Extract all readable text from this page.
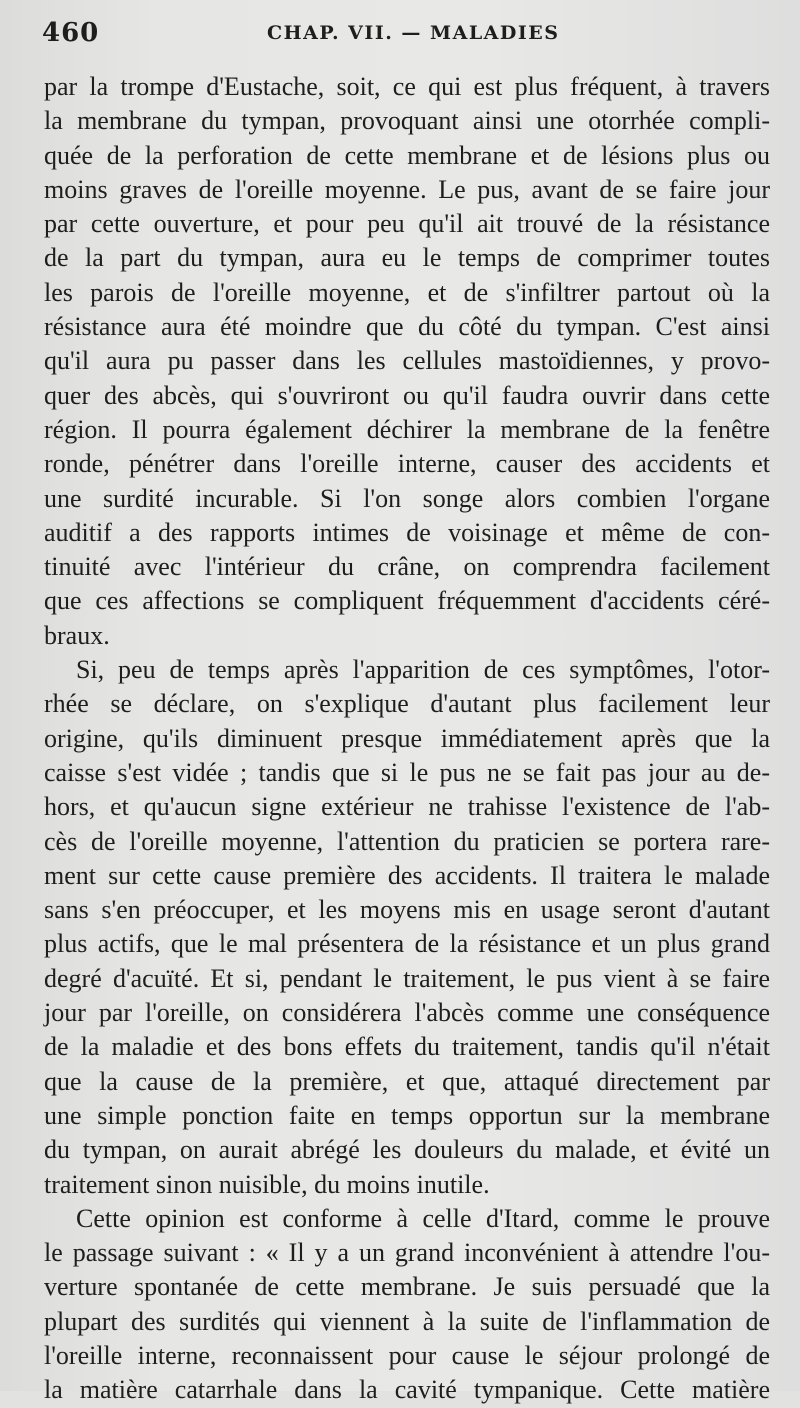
460	CHAP. VII. — MALADIES
par la trompe d'Eustache, soit, ce qui est plus fréquent, à travers
la membrane du tympan, provoquant ainsi une otorrhée compli-
quée de la perforation de cette membrane et de lésions plus ou
moins graves de l'oreille moyenne. Le pus, avant de se faire jour
par cette ouverture, et pour peu qu'il ait trouvé de la résistance
de la part du tympan, aura eu le temps de comprimer toutes
les parois de l'oreille moyenne, et de s'infiltrer partout où la
résistance aura été moindre que du côté du tympan. C'est ainsi
qu'il aura pu passer dans les cellules mastoïdiennes, y provo-
quer des abcès, qui s'ouvriront ou qu'il faudra ouvrir dans cette
région. Il pourra également déchirer la membrane de la fenêtre
ronde, pénétrer dans l'oreille interne, causer des accidents et
une surdité incurable. Si l'on songe alors combien l'organe
auditif a des rapports intimes de voisinage et même de con-
tinuité avec l'intérieur du crâne, on comprendra facilement
que ces affections se compliquent fréquemment d'accidents céré-
braux.
Si, peu de temps après l'apparition de ces symptômes, l'otor-
rhée se déclare, on s'explique d'autant plus facilement leur
origine, qu'ils diminuent presque immédiatement après que la
caisse s'est vidée ; tandis que si le pus ne se fait pas jour au de-
hors, et qu'aucun signe extérieur ne trahisse l'existence de l'ab-
cès de l'oreille moyenne, l'attention du praticien se portera rare-
ment sur cette cause première des accidents. Il traitera le malade
sans s'en préoccuper, et les moyens mis en usage seront d'autant
plus actifs, que le mal présentera de la résistance et un plus grand
degré d'acuïté. Et si, pendant le traitement, le pus vient à se faire
jour par l'oreille, on considérera l'abcès comme une conséquence
de la maladie et des bons effets du traitement, tandis qu'il n'était
que la cause de la première, et que, attaqué directement par
une simple ponction faite en temps opportun sur la membrane
du tympan, on aurait abrégé les douleurs du malade, et évité un
traitement sinon nuisible, du moins inutile.
Cette opinion est conforme à celle d'Itard, comme le prouve
le passage suivant : « Il y a un grand inconvénient à attendre l'ou-
verture spontanée de cette membrane. Je suis persuadé que la
plupart des surdités qui viennent à la suite de l'inflammation de
l'oreille interne, reconnaissent pour cause le séjour prolongé de
la matière catarrhale dans la cavité tympanique. Cette matière
